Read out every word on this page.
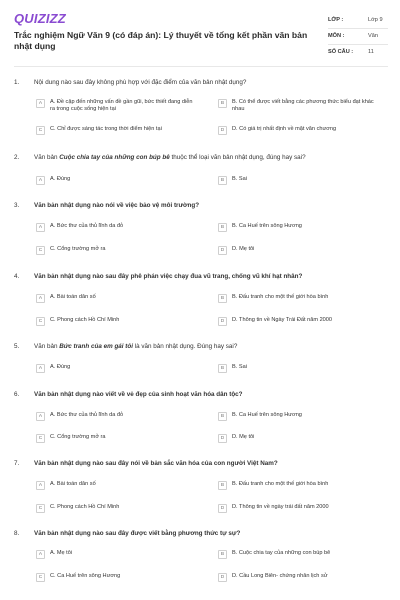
QUIZIZZ
Trắc nghiệm Ngữ Văn 9 (có đáp án): Lý thuyết về tổng kết phần văn bản nhật dụng
LỚP :	Lớp 9
MÔN :	Văn
SỐ CÂU :	11
1. Nội dung nào sau đây không phù hợp với đặc điểm của văn bản nhật dụng?
A	A. Đề cập đến những vấn đề gần gũi, bức thiết đang diễn ra trong cuộc sống hiện tại
B	B. Có thể được viết bằng các phương thức biểu đạt khác nhau
C	C. Chỉ được sáng tác trong thời điểm hiện tại	D	D. Có giá trị nhất định về mặt văn chương
2. Văn bản Cuộc chia tay của những con búp bê thuộc thể loại văn bản nhật dụng, đúng hay sai?
A	A. Đúng	B	B. Sai
3. Văn bản nhật dụng nào nói về việc bảo vệ môi trường?
A	A. Bức thư của thủ lĩnh da đỏ	B	B. Ca Huế trên sông Hương
C	C. Cổng trường mở ra	D	D. Mẹ tôi
4. Văn bản nhật dụng nào sau đây phê phán việc chạy đua vũ trang, chống vũ khí hạt nhân?
A	A. Bài toán dân số	B	B. Đấu tranh cho một thế giới hòa bình
C	C. Phong cách Hồ Chí Minh	D	D. Thông tin về Ngày Trái Đất năm 2000
5. Văn bản Bức tranh của em gái tôi là văn bản nhật dụng. Đúng hay sai?
A	A. Đúng	B	B. Sai
6. Văn bản nhật dụng nào viết về vẻ đẹp của sinh hoạt văn hóa dân tộc?
A	A. Bức thư của thủ lĩnh da đỏ	B	B. Ca Huế trên sông Hương
C	C. Cổng trường mở ra	D	D. Mẹ tôi
7. Văn bản nhật dụng nào sau đây nói về bản sắc văn hóa của con người Việt Nam?
A	A. Bài toán dân số	B	B. Đấu tranh cho một thế giới hòa bình
C	C. Phong cách Hồ Chí Minh	D	D. Thông tin về ngày trái đất năm 2000
8. Văn bản nhật dụng nào sau đây được viết bằng phương thức tự sự?
A	A. Mẹ tôi	B	B. Cuộc chia tay của những con búp bê
C	C. Ca Huế trên sông Hương	D	D. Cầu Long Biên- chứng nhân lịch sử
